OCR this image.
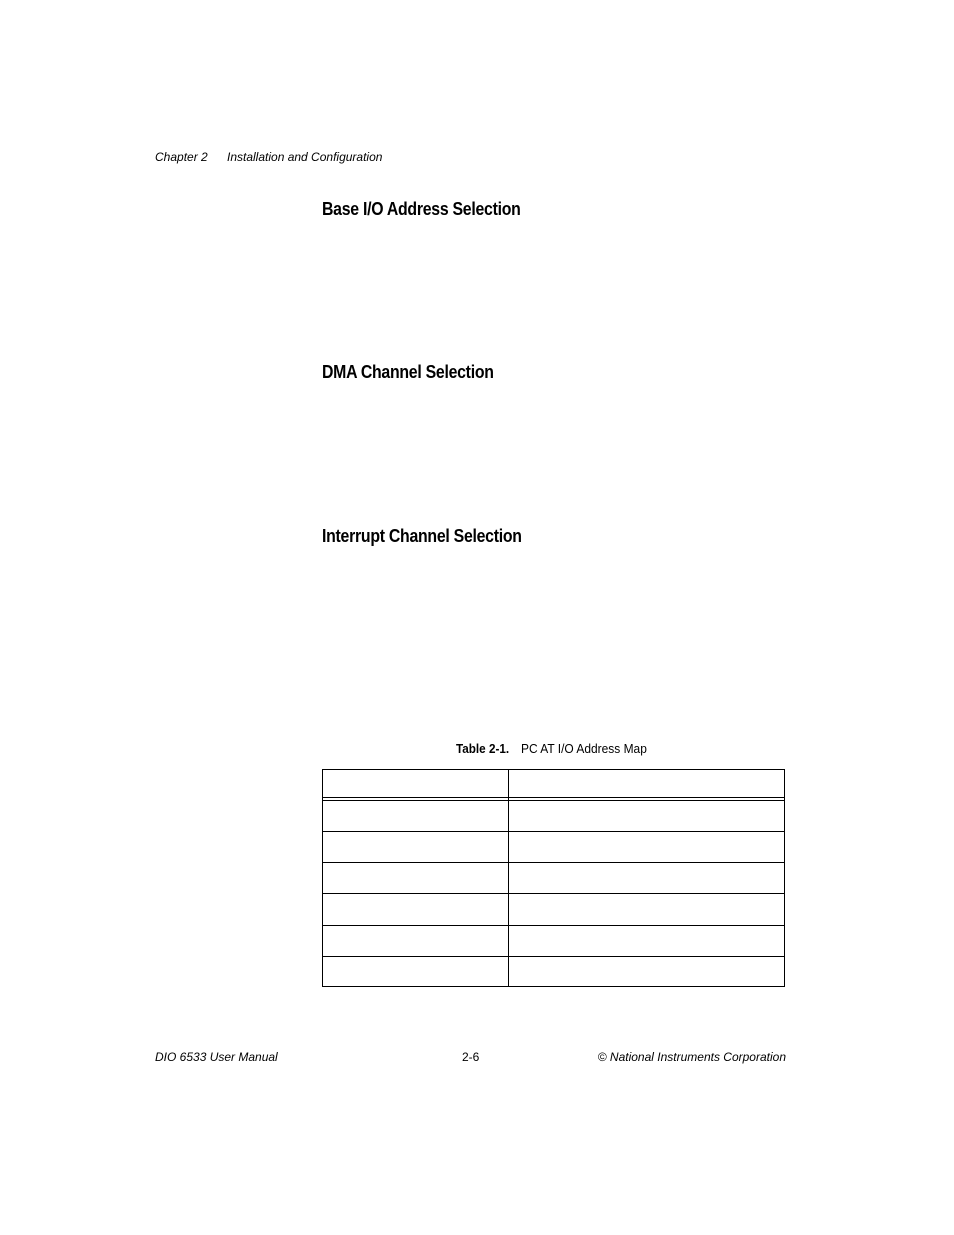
Chapter 2 Installation and Configuration
Base I/O Address Selection
DMA Channel Selection
Interrupt Channel Selection
Table 2-1. PC AT I/O Address Map
DIO 6533 User Manual	2-6	© National Instruments Corporation
